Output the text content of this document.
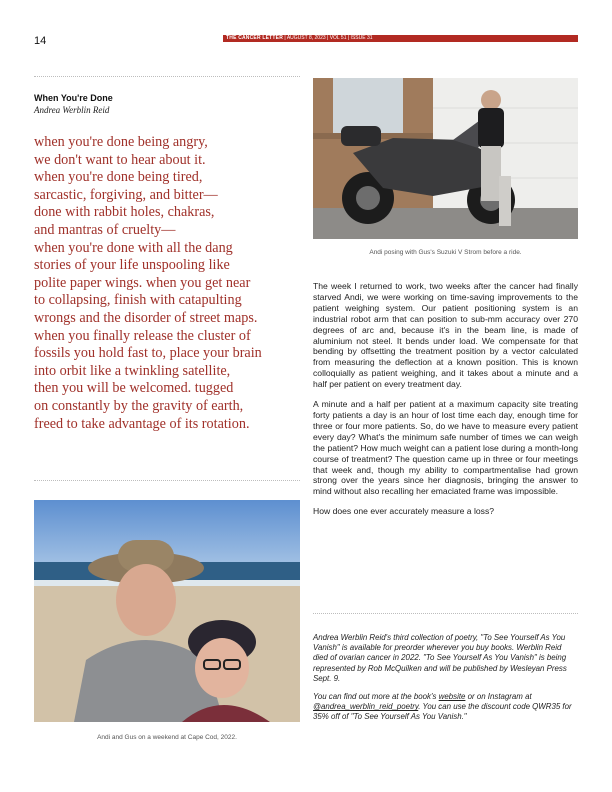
14	THE CANCER LETTER | AUGUST 8, 2023 | VOL 51 | ISSUE 31
When You're Done
Andrea Werblin Reid
when you're done being angry,
we don't want to hear about it.
when you're done being tired,
sarcastic, forgiving, and bitter—
done with rabbit holes, chakras,
and mantras of cruelty—
when you're done with all the dang
stories of your life unspooling like
polite paper wings. when you get near
to collapsing, finish with catapulting
wrongs and the disorder of street maps.
when you finally release the cluster of
fossils you hold fast to, place your brain
into orbit like a twinkling satellite,
then you will be welcomed. tugged
on constantly by the gravity of earth,
freed to take advantage of its rotation.
Andi posing with Gus's Suzuki V Strom before a ride.

The week I returned to work, two weeks after the cancer had finally starved Andi, we were working on time-saving improvements to the patient weighing system. Our patient positioning system is an industrial robot arm that can position to sub-mm accuracy over 270 degrees of arc and, because it's in the beam line, is made of aluminium not steel. It bends under load. We compensate for that bending by offsetting the treatment position by a vector calculated from measuring the deflection at a known position. This is known colloquially as patient weighing, and it takes about a minute and a half per patient on every treatment day.

A minute and a half per patient at a maximum capacity site treating forty patients a day is an hour of lost time each day, enough time for three or four more patients. So, do we have to measure every patient every day? What's the minimum safe number of times we can weigh the patient? How much weight can a patient lose during a month-long course of treatment? The question came up in three or four meetings that week and, though my ability to compartmentalise had grown strong over the years since her diagnosis, bringing the answer to mind without also recalling her emaciated frame was impossible.

How does one ever accurately measure a loss?

Andi and Gus on a weekend at Cape Cod, 2022.

Andrea Werblin Reid's third collection of poetry, "To See Yourself As You Vanish" is available for preorder wherever you buy books. Werblin Reid died of ovarian cancer in 2022. "To See Yourself As You Vanish" is being represented by Rob McQuilken and will be published by Wesleyan Press Sept. 9.

You can find out more at the book's website or on Instagram at @andrea_werblin_reid_poetry. You can use the discount code QWR35 for 35% off of "To See Yourself As You Vanish."
